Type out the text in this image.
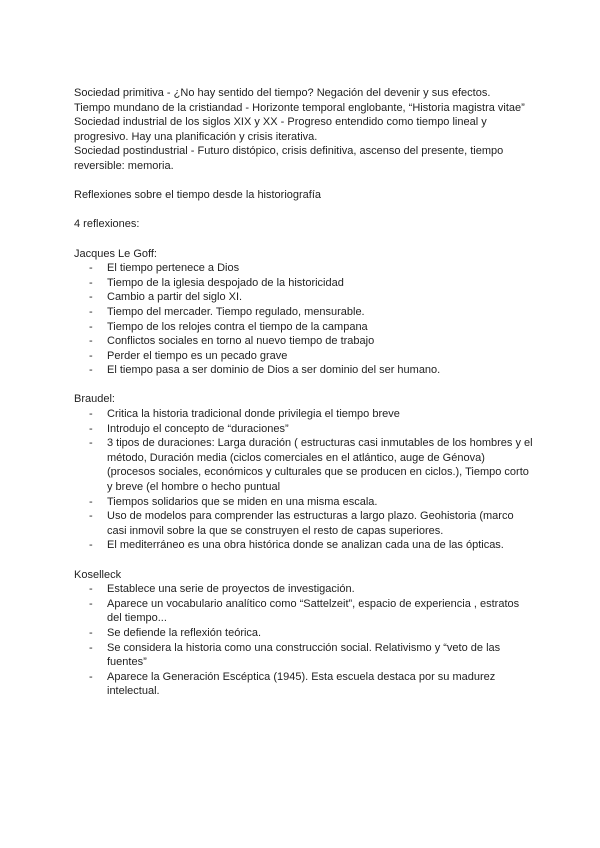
Sociedad primitiva - ¿No hay sentido del tiempo? Negación del devenir y sus efectos.

Tiempo mundano de la cristiandad - Horizonte temporal englobante, “Historia magistra vitae”

Sociedad industrial de los siglos XIX y XX - Progreso entendido como tiempo lineal y progresivo. Hay una planificación y crisis iterativa.

Sociedad postindustrial - Futuro distópico, crisis definitiva, ascenso del presente, tiempo reversible: memoria.

Reflexiones sobre el tiempo desde la historiografía

4 reflexiones:

Jacques Le Goff:

- El tiempo pertenece a Dios
- Tiempo de la iglesia despojado de la historicidad
- Cambio a partir del siglo XI.
- Tiempo del mercader. Tiempo regulado, mensurable.
- Tiempo de los relojes contra el tiempo de la campana
- Conflictos sociales en torno al nuevo tiempo de trabajo
- Perder el tiempo es un pecado grave
- El tiempo pasa a ser dominio de Dios a ser dominio del ser humano.

Braudel:

- Critica la historia tradicional donde privilegia el tiempo breve
- Introdujo el concepto de “duraciones”
- 3 tipos de duraciones: Larga duración ( estructuras casi inmutables de los hombres y el método, Duración media (ciclos comerciales en el atlántico, auge de Génova) (procesos sociales, económicos y culturales que se producen en ciclos.), Tiempo corto y breve (el hombre o hecho puntual
- Tiempos solidarios que se miden en una misma escala.
- Uso de modelos para comprender las estructuras a largo plazo. Geohistoria (marco casi inmovil sobre la que se construyen el resto de capas superiores.
- El mediterráneo es una obra histórica donde se analizan cada una de las ópticas.

Koselleck

- Establece una serie de proyectos de investigación.
- Aparece un vocabulario analítico como “Sattelzeit”, espacio de experiencia , estratos del tiempo...
- Se defiende la reflexión teórica.
- Se considera la historia como una construcción social. Relativismo y “veto de las fuentes”
- Aparece la Generación Escéptica (1945). Esta escuela destaca por su madurez intelectual.
